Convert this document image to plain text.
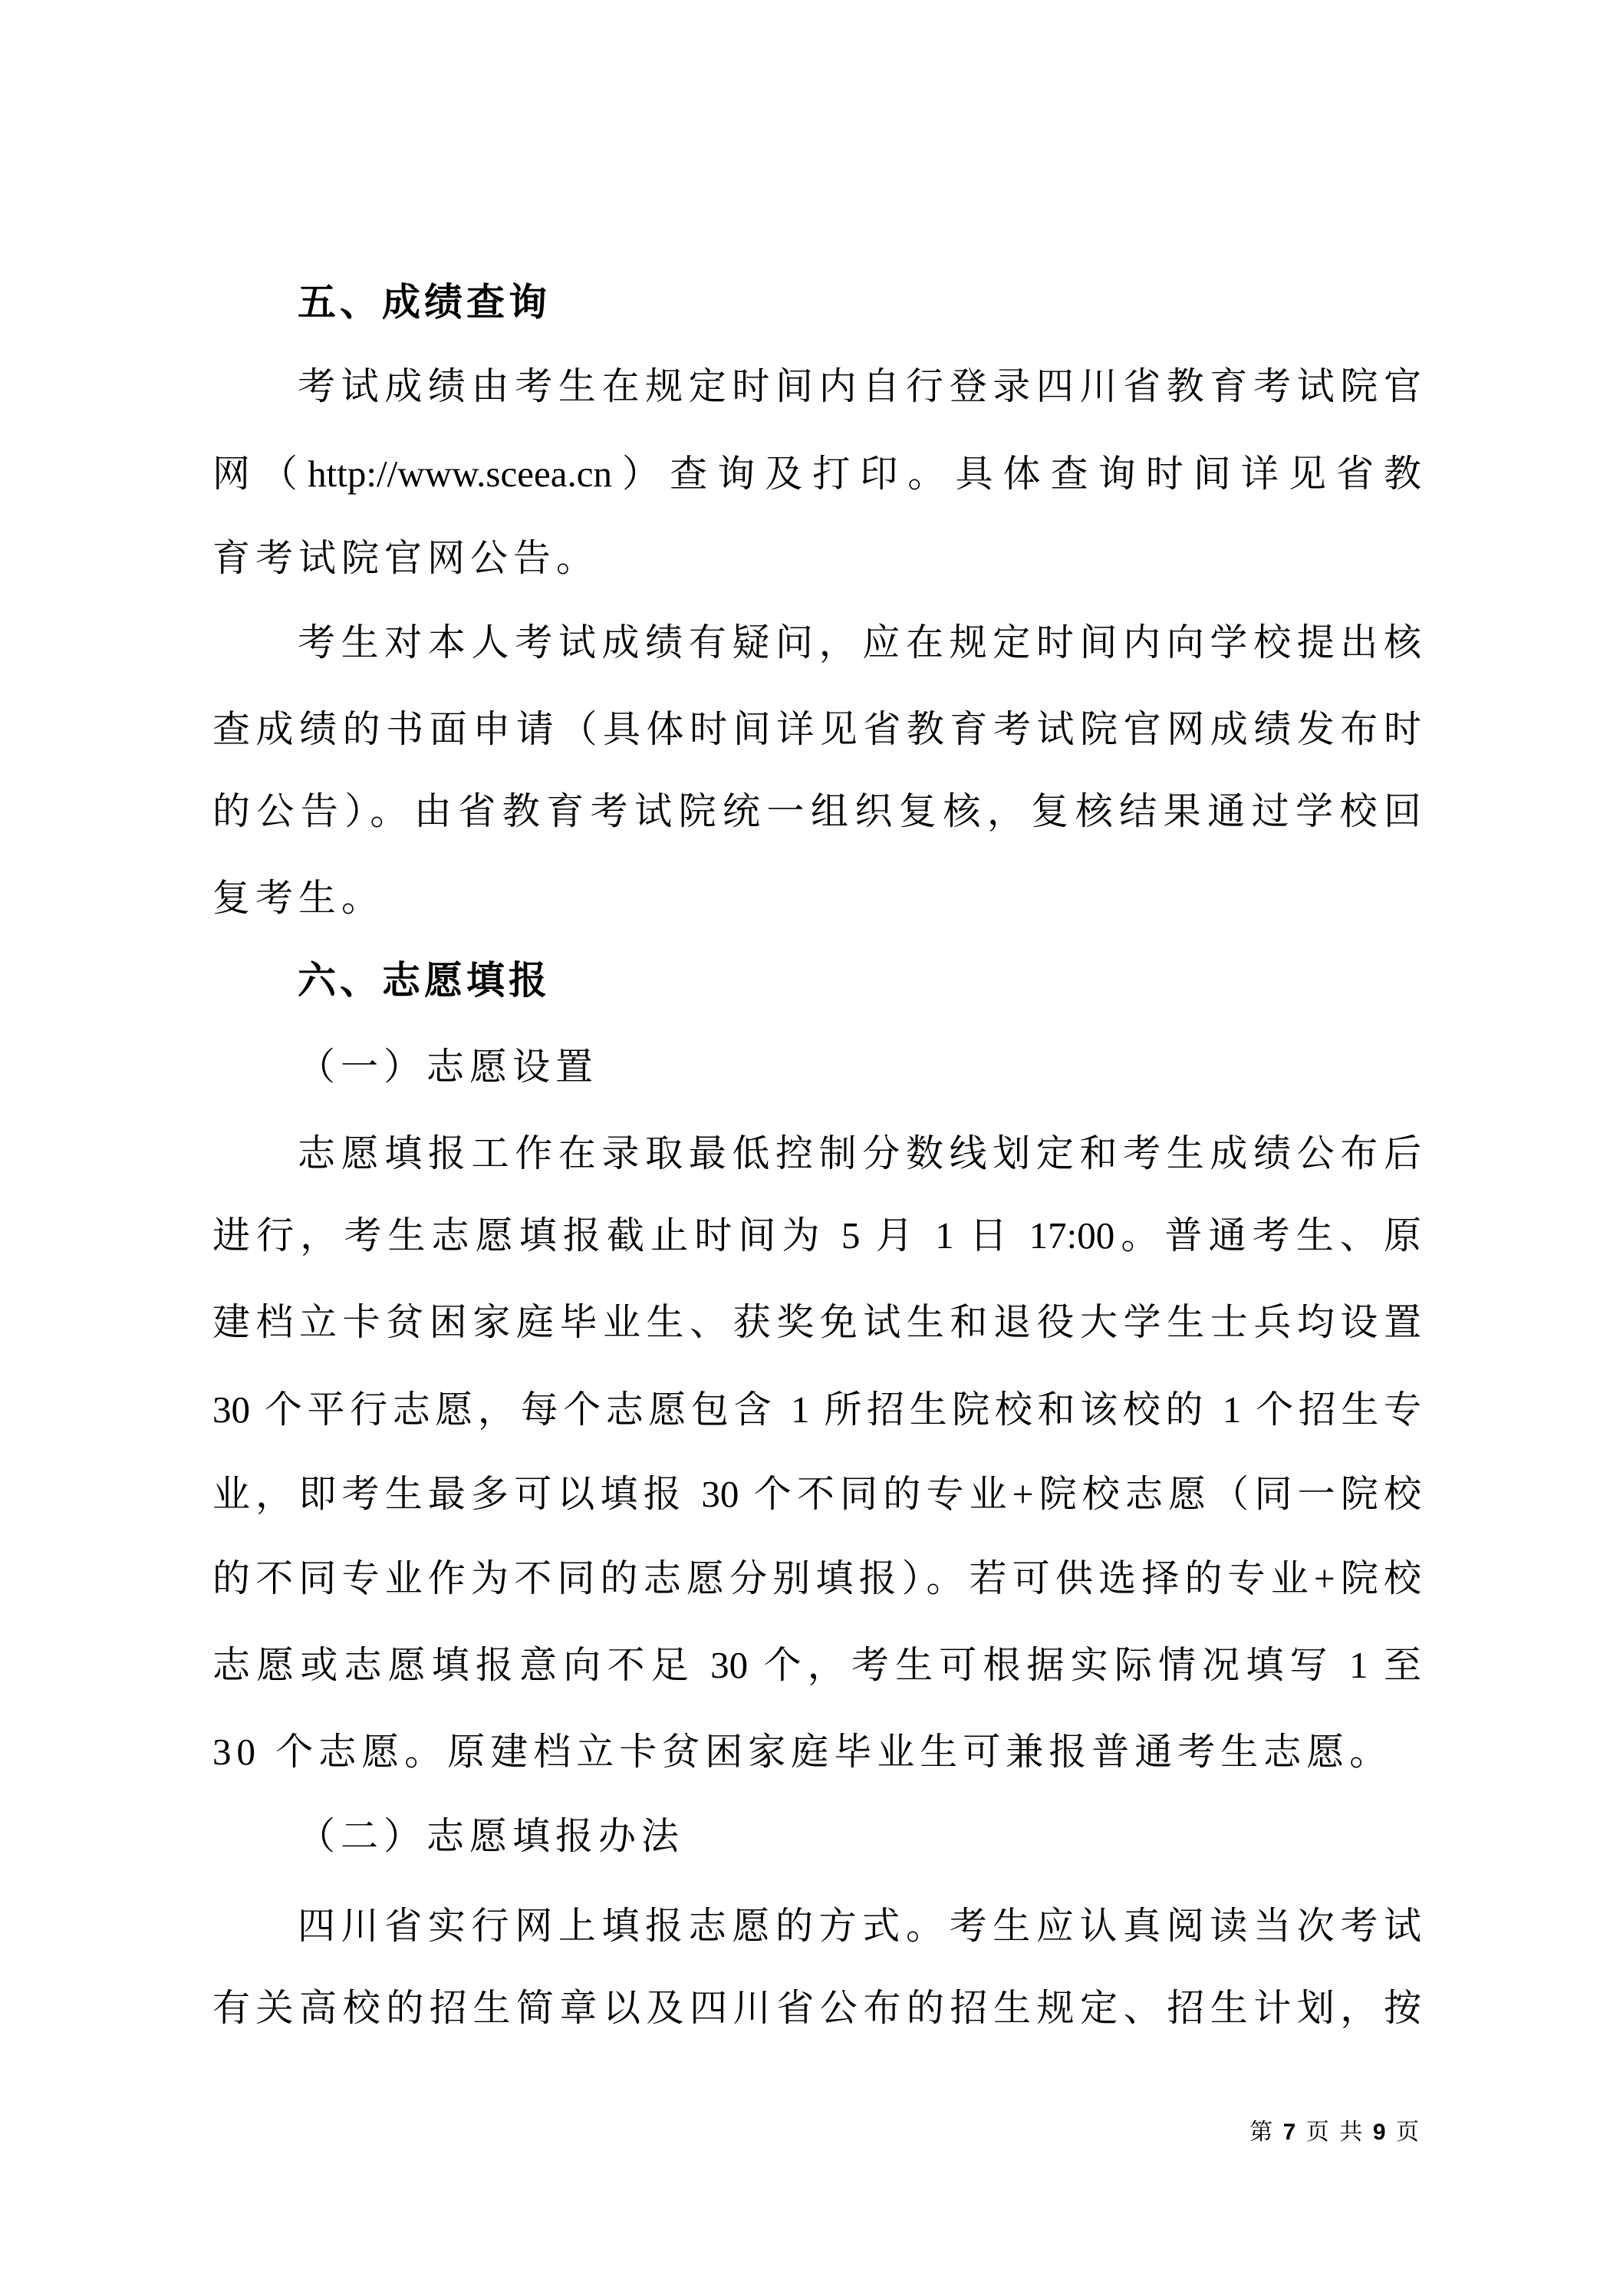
五、成绩查询
考试成绩由考生在规定时间内自行登录四川省教育考试院官
网（http://www.sceea.cn）查询及打印。具体查询时间详见省教
育考试院官网公告。
考生对本人考试成绩有疑问，应在规定时间内向学校提出核
查成绩的书面申请（具体时间详见省教育考试院官网成绩发布时
的公告）。由省教育考试院统一组织复核，复核结果通过学校回
复考生。
六、志愿填报
（一）志愿设置
志愿填报工作在录取最低控制分数线划定和考生成绩公布后
进行，考生志愿填报截止时间为 5 月 1 日 17:00。普通考生、原
建档立卡贫困家庭毕业生、获奖免试生和退役大学生士兵均设置
30 个平行志愿，每个志愿包含 1 所招生院校和该校的 1 个招生专
业，即考生最多可以填报 30 个不同的专业+院校志愿（同一院校
的不同专业作为不同的志愿分别填报）。若可供选择的专业+院校
志愿或志愿填报意向不足 30 个，考生可根据实际情况填写 1 至
30 个志愿。原建档立卡贫困家庭毕业生可兼报普通考生志愿。
（二）志愿填报办法
四川省实行网上填报志愿的方式。考生应认真阅读当次考试
有关高校的招生简章以及四川省公布的招生规定、招生计划，按
第 7 页 共 9 页
